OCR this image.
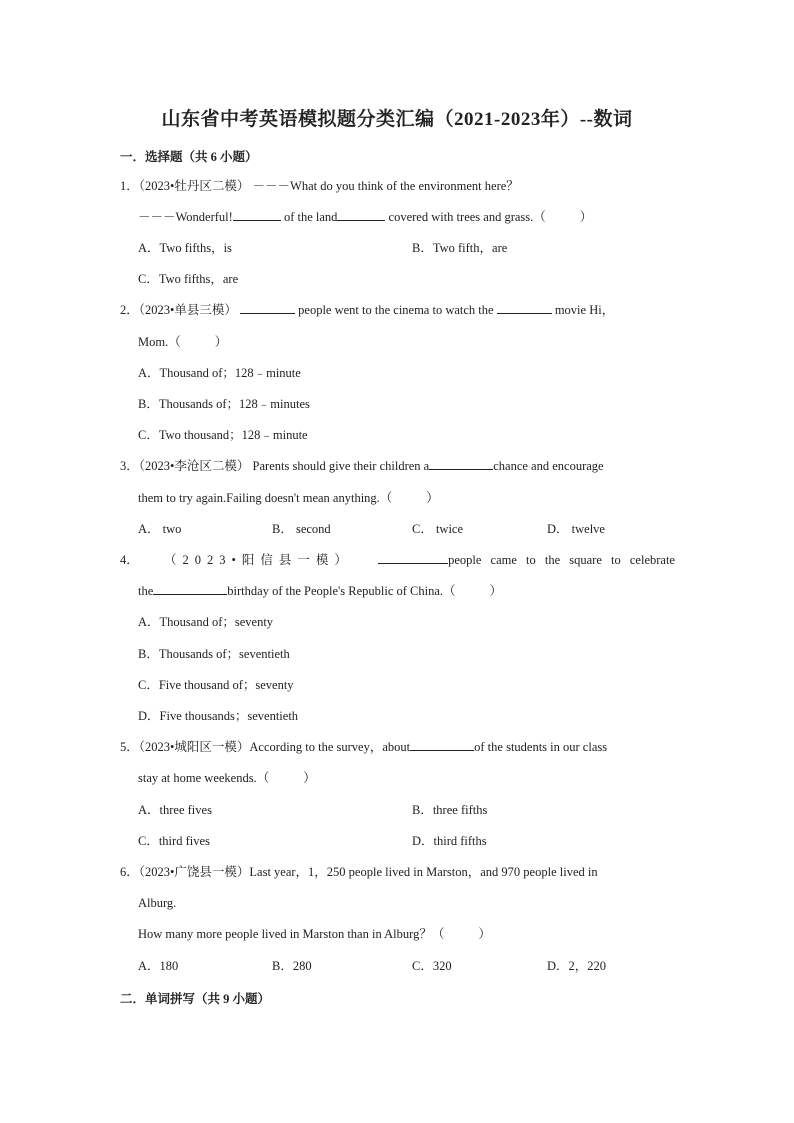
山东省中考英语模拟题分类汇编（2021-2023年）--数词
一．选择题（共 6 小题）
1．（2023•牡丹区二模） －－－What do you think of the environment here？
－－－Wonderful!	of the land	covered with trees and grass.（	）
A．Two fifths，is	B．Two fifth，are
C．Two fifths，are
2．（2023•单县三模）	people went to the cinema to watch the	movie Hi，
Mom.（	）
A．Thousand of；128﹣minute
B．Thousands of；128﹣minutes
C．Two thousand；128﹣minute
3．（2023•李沧区二模） Parents should give their children a	chance and encourage
them to try again.Failing doesn't mean anything.（	）
A． two	B． second	C． twice	D． twelve
4． （2023•阳信县一模）	people came to the square to celebrate
the	birthday of the People's Republic of China.（	）
A．Thousand of；seventy
B．Thousands of；seventieth
C．Five thousand of；seventy
D．Five thousands；seventieth
5．（2023•城阳区一模）According to the survey，about	of the students in our class
stay at home weekends.（	）
A．three fives	B．three fifths
C．third fives	D．third fifths
6．（2023•广饶县一模）Last year，1，250 people lived in Marston，and 970 people lived in
Alburg.
How many more people lived in Marston than in Alburg？（	）
A．180	B．280	C．320	D．2，220
二．单词拼写（共 9 小题）
